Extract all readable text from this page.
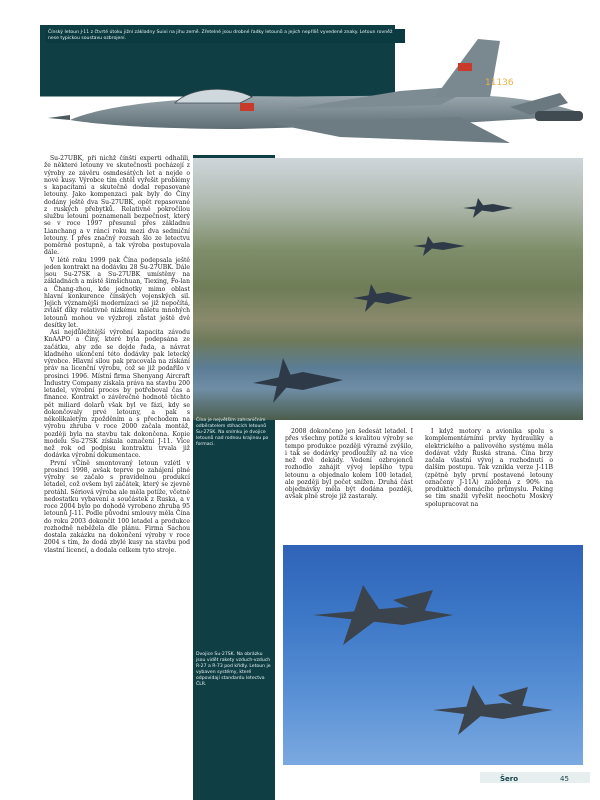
11136
Čínský letoun J-11 z čtvrté útoku jižní základny Suixi na jihu země. Zřetelné jsou drobné řadky letounů a jejich nepříliš vyvedené znaky. Letoun rovněž nese typickou soustavu ozbrojení.
Čína je největším zahraničním odběratelem stíhacích letounů Su-27SK. Na snímku je dvojice letounů nad rodnou krajinou po formaci.
Dvojice Su-27SK. Na obrázku jsou vidět rakety vzduch-vzduch R-27 a R-73 pod křídly. Letoun je vybaven systémy, které odpovídají standardu letectva ČLR.

Su-27UBK, při nichž čínští experti odhalili, že některé letouny ve skutečnosti pocházejí z výroby ze závěru osmdesátých let a nejde o nové kusy. Výrobce tím chtěl vyřešit problémy s kapacitami a skutečně dodal repasované letouny. Jako kompenzaci pak byly do Číny dodány ještě dva Su-27UBK, opět repasované z ruských přebytků. Relativně pokročilou službu letouni poznamenali bezpečnost, který se v roce 1997 přesunul přes základnu Lianchang a v ránci roku mezi dva sedmiční letouny. I přes značný rozsah šlo ze letectvu poměrně postupně, a tak výroba postupovala dále.

V létě roku 1999 pak Čína podepsala ještě jeden kontrakt na dodávku 28 Su-27UBK. Dále jsou Su-27SK a Su-27UBK umístěny na základnách a místě šimšichuan, Tiexing, Fo-lan a Čhang-zhou, kde jednotky mimo oblast hlavní konkurence čínských vojenských sil. Jejich významější modernizaci se již nepočítá, zvlášť díky relativně nízkému náletu mnohých letounů mohou ve výzbroji zůstat ještě dvě desítky let.

Asi nejdůležitější výrobní kapacita závodu KnAAPO a Číny, které byla podepsána ze začátku, aby zde se dojde řada, a návrat kladného ukončení této dodávky pak letecký výrobce. Hlavní silou pak pracovala na získání práv na licenční výrobu, což se již podařilo v prosinci 1996. Místní firma Shenyang Aircraft Industry Company získala práva na stavbu 200 letadel, výrobní proces by potřeboval čas a finance. Kontrakt o závěrečné hodnotě těchto pět miliard dolarů však byl ve fázi, kdy se dokončovaly prvé letouny, a pak s několikaletým zpožděním a s přechodem na výrobu zhruba v roce 2000 začala montáž, později byla na stavbu tak dokončena. Kopie modelu Su-27SK získala označení J-11. Více než rok od podpisu kontraktu trvala již dodávka výrobní dokumentace.

První vČíně smontovaný letoun vzlétl v prosinci 1998, avšak teprve po zahájení plné výroby se začalo s pravidelnou produkcí letadel, což ovšem byl začátek, který se zjevně protáhl. Sériová výroba ale měla potíže, včetně nedostatku vybavení a součástek z Ruska, a v roce 2004 bylo po dohodě vyrobeno zhruba 95 letounů J-11. Podle původní smlouvy měla Čína do roku 2003 dokončit 100 letadel a produkce rozhodně neběžela dle plánu. Firma Sachou dostala zakázku na dokončení výroby v roce 2004 s tím, že dodá zbylé kusy na stavbu pod vlastní licencí, a dodala celkem tyto stroje.

2008 dokončeno jen šedesát letadel. I přes všechny potíže s kvalitou výroby se tempo produkce později výrazně zvýšilo, i tak se dodávky prodloužily až na více než dvě dekády. Vedení ozbrojenců rozhodlo zahájit vývoj lepšího typu letounu a objednalo kolem 100 letadel, ale později byl počet snížen. Druhá část objednávky měla být dodána později, avšak plně stroje již zastaraly.

I když motory a avionika spolu s komplementárními prvky hydrauliky a elektrického a palivového systému měla dodávat vždy Ruská strana. Čína brzy začala vlastní vývoj a rozhodnutí o dalším postupu. Tak vznikla verze J-11B (zpětně byly první postavené letouny označeny J-11A) založená z 90% na produktech domácího průmyslu. Peking se tím snažil vyřešit neochotu Moskvy spolupracovat na

Šero	45
